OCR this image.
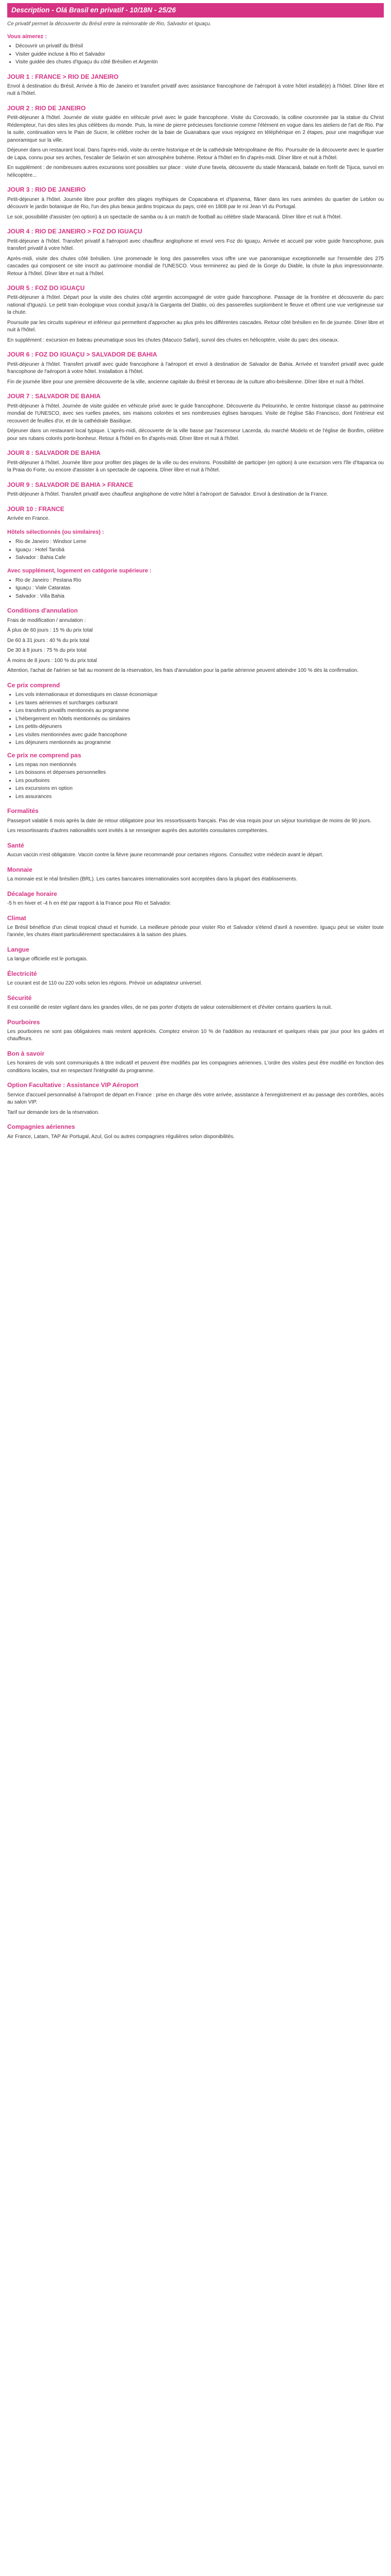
Description - Olá Brasil en privatif - 10/18N - 25/26

Ce privatif permet la découverte du Brésil entre la mémorable de Rio, Salvador et Iguaçu.

Vous aimerez :
• Découvrir un privatif du Brésil
• Visiter guidée incluse à Rio et Salvador
• Visite guidée des chutes d'Iguaçu du côté Brésilien et Argentin
JOUR 1 : FRANCE > RIO DE JANEIRO

Envol à destination du Brésil, Arrivée à Rio de Janeiro et transfert privatif avec assistance francophone de l'aéroport à votre hôtel installé(e) à l'hôtel. Dîner libre et nuit à l'hôtel.

JOUR 2 : RIO DE JANEIRO

Petit-déjeuner à l'hôtel. Journée de visite guidée en véhicule privé avec le guide francophone. Visite du Corcovado, la colline couronnée par la statue du Christ Rédempteur, l'un des sites les plus célèbres du monde. Puis, la mine de pierre précieuses fonctionne comme l'élément en vogue dans les ateliers de l'art de Rio. Par la suite, continuation vers le Pain de Sucre, le célèbre rocher de la baie de Guanabara que vous rejoignez en téléphérique en 2 étapes, pour une magnifique vue panoramique sur la ville.

Déjeuner dans un restaurant local. Dans l'après-midi, visite du centre historique et de la cathédrale Métropolitaine de Rio. Poursuite de la découverte avec le quartier de Lapa, connu pour ses arches, l'escalier de Selarón et son atmosphère bohème. Retour à l'hôtel en fin d'après-midi. Dîner libre et nuit à l'hôtel.

En supplément : de nombreuses autres excursions sont possibles sur place : visite d'une favela, découverte du stade Maracanã, balade en forêt de Tijuca, survol en hélicoptère...

JOUR 3 : RIO DE JANEIRO

Petit-déjeuner à l'hôtel. Journée libre pour profiter des plages mythiques de Copacabana et d'Ipanema, flâner dans les rues animées du quartier de Leblon ou découvrir le jardin botanique de Rio, l'un des plus beaux jardins tropicaux du pays, créé en 1808 par le roi Jean VI du Portugal.

Le soir, possibilité d'assister (en option) à un spectacle de samba ou à un match de football au célèbre stade Maracanã. Dîner libre et nuit à l'hôtel.

JOUR 4 : RIO DE JANEIRO > FOZ DO IGUAÇU

Petit-déjeuner à l'hôtel. Transfert privatif à l'aéroport avec chauffeur anglophone et envol vers Foz do Iguaçu. Arrivée et accueil par votre guide francophone, puis transfert privatif à votre hôtel.

Après-midi, visite des chutes côté brésilien. Une promenade le long des passerelles vous offre une vue panoramique exceptionnelle sur l'ensemble des 275 cascades qui composent ce site inscrit au patrimoine mondial de l'UNESCO. Vous terminerez au pied de la Gorge du Diable, la chute la plus impressionnante. Retour à l'hôtel. Dîner libre et nuit à l'hôtel.

JOUR 5 : FOZ DO IGUAÇU

Petit-déjeuner à l'hôtel. Départ pour la visite des chutes côté argentin accompagné de votre guide francophone. Passage de la frontière et découverte du parc national d'Iguazú. Le petit train écologique vous conduit jusqu'à la Garganta del Diablo, où des passerelles surplombent le fleuve et offrent une vue vertigineuse sur la chute.

Poursuite par les circuits supérieur et inférieur qui permettent d'approcher au plus près les différentes cascades. Retour côté brésilien en fin de journée. Dîner libre et nuit à l'hôtel.

En supplément : excursion en bateau pneumatique sous les chutes (Macuco Safari), survol des chutes en hélicoptère, visite du parc des oiseaux.

JOUR 6 : FOZ DO IGUAÇU > SALVADOR DE BAHIA

Petit-déjeuner à l'hôtel. Transfert privatif avec guide francophone à l'aéroport et envol à destination de Salvador de Bahia. Arrivée et transfert privatif avec guide francophone de l'aéroport à votre hôtel. Installation à l'hôtel.

Fin de journée libre pour une première découverte de la ville, ancienne capitale du Brésil et berceau de la culture afro-brésilienne. Dîner libre et nuit à l'hôtel.

JOUR 7 : SALVADOR DE BAHIA

Petit-déjeuner à l'hôtel. Journée de visite guidée en véhicule privé avec le guide francophone. Découverte du Pelourinho, le centre historique classé au patrimoine mondial de l'UNESCO, avec ses ruelles pavées, ses maisons colorées et ses nombreuses églises baroques. Visite de l'église São Francisco, dont l'intérieur est recouvert de feuilles d'or, et de la cathédrale Basilique.

Déjeuner dans un restaurant local typique. L'après-midi, découverte de la ville basse par l'ascenseur Lacerda, du marché Modelo et de l'église de Bonfim, célèbre pour ses rubans colorés porte-bonheur. Retour à l'hôtel en fin d'après-midi. Dîner libre et nuit à l'hôtel.

JOUR 8 : SALVADOR DE BAHIA

Petit-déjeuner à l'hôtel. Journée libre pour profiter des plages de la ville ou des environs. Possibilité de participer (en option) à une excursion vers l'île d'Itaparica ou la Praia do Forte, ou encore d'assister à un spectacle de capoeira. Dîner libre et nuit à l'hôtel.

JOUR 9 : SALVADOR DE BAHIA > FRANCE

Petit-déjeuner à l'hôtel. Transfert privatif avec chauffeur anglophone de votre hôtel à l'aéroport de Salvador. Envol à destination de la France.

JOUR 10 : FRANCE

Arrivée en France.

Hôtels sélectionnés (ou similaires) :
• Rio de Janeiro : Windsor Leme
• Iguaçu : Hotel Tarobá
• Salvador : Bahia Cafe
Avec supplément, logement en catégorie supérieure :
• Rio de Janeiro : Pestana Rio
• Iguaçu : Viale Cataratas
• Salvador : Villa Bahia
Conditions d'annulation

Frais de modification / annulation :

À plus de 60 jours : 15 % du prix total

De 60 à 31 jours : 40 % du prix total

De 30 à 8 jours : 75 % du prix total

À moins de 8 jours : 100 % du prix total

Attention, l'achat de l'aérien se fait au moment de la réservation, les frais d'annulation pour la partie aérienne peuvent atteindre 100 % dès la confirmation.

Ce prix comprend
• Les vols internationaux et domestiques en classe économique
• Les taxes aériennes et surcharges carburant
• Les transferts privatifs mentionnés au programme
• L'hébergement en hôtels mentionnés ou similaires
• Les petits-déjeuners
• Les visites mentionnées avec guide francophone
• Les déjeuners mentionnés au programme
Ce prix ne comprend pas
• Les repas non mentionnés
• Les boissons et dépenses personnelles
• Les pourboires
• Les excursions en option
• Les assurances
Formalités

Passeport valable 6 mois après la date de retour obligatoire pour les ressortissants français. Pas de visa requis pour un séjour touristique de moins de 90 jours.

Les ressortissants d'autres nationalités sont invités à se renseigner auprès des autorités consulaires compétentes.

Santé

Aucun vaccin n'est obligatoire. Vaccin contre la fièvre jaune recommandé pour certaines régions. Consultez votre médecin avant le départ.

Monnaie

La monnaie est le réal brésilien (BRL). Les cartes bancaires internationales sont acceptées dans la plupart des établissements.

Décalage horaire

-5 h en hiver et -4 h en été par rapport à la France pour Rio et Salvador.

Climat

Le Brésil bénéficie d'un climat tropical chaud et humide. La meilleure période pour visiter Rio et Salvador s'étend d'avril à novembre. Iguaçu peut se visiter toute l'année, les chutes étant particulièrement spectaculaires à la saison des pluies.

Langue

La langue officielle est le portugais.

Électricité

Le courant est de 110 ou 220 volts selon les régions. Prévoir un adaptateur universel.

Sécurité

Il est conseillé de rester vigilant dans les grandes villes, de ne pas porter d'objets de valeur ostensiblement et d'éviter certains quartiers la nuit.

Pourboires

Les pourboires ne sont pas obligatoires mais restent appréciés. Comptez environ 10 % de l'addition au restaurant et quelques réais par jour pour les guides et chauffeurs.

Bon à savoir

Les horaires de vols sont communiqués à titre indicatif et peuvent être modifiés par les compagnies aériennes. L'ordre des visites peut être modifié en fonction des conditions locales, tout en respectant l'intégralité du programme.

Option Facultative : Assistance VIP Aéroport

Service d'accueil personnalisé à l'aéroport de départ en France : prise en charge dès votre arrivée, assistance à l'enregistrement et au passage des contrôles, accès au salon VIP.

Tarif sur demande lors de la réservation.

Compagnies aériennes

Air France, Latam, TAP Air Portugal, Azul, Gol ou autres compagnies régulières selon disponibilités.
